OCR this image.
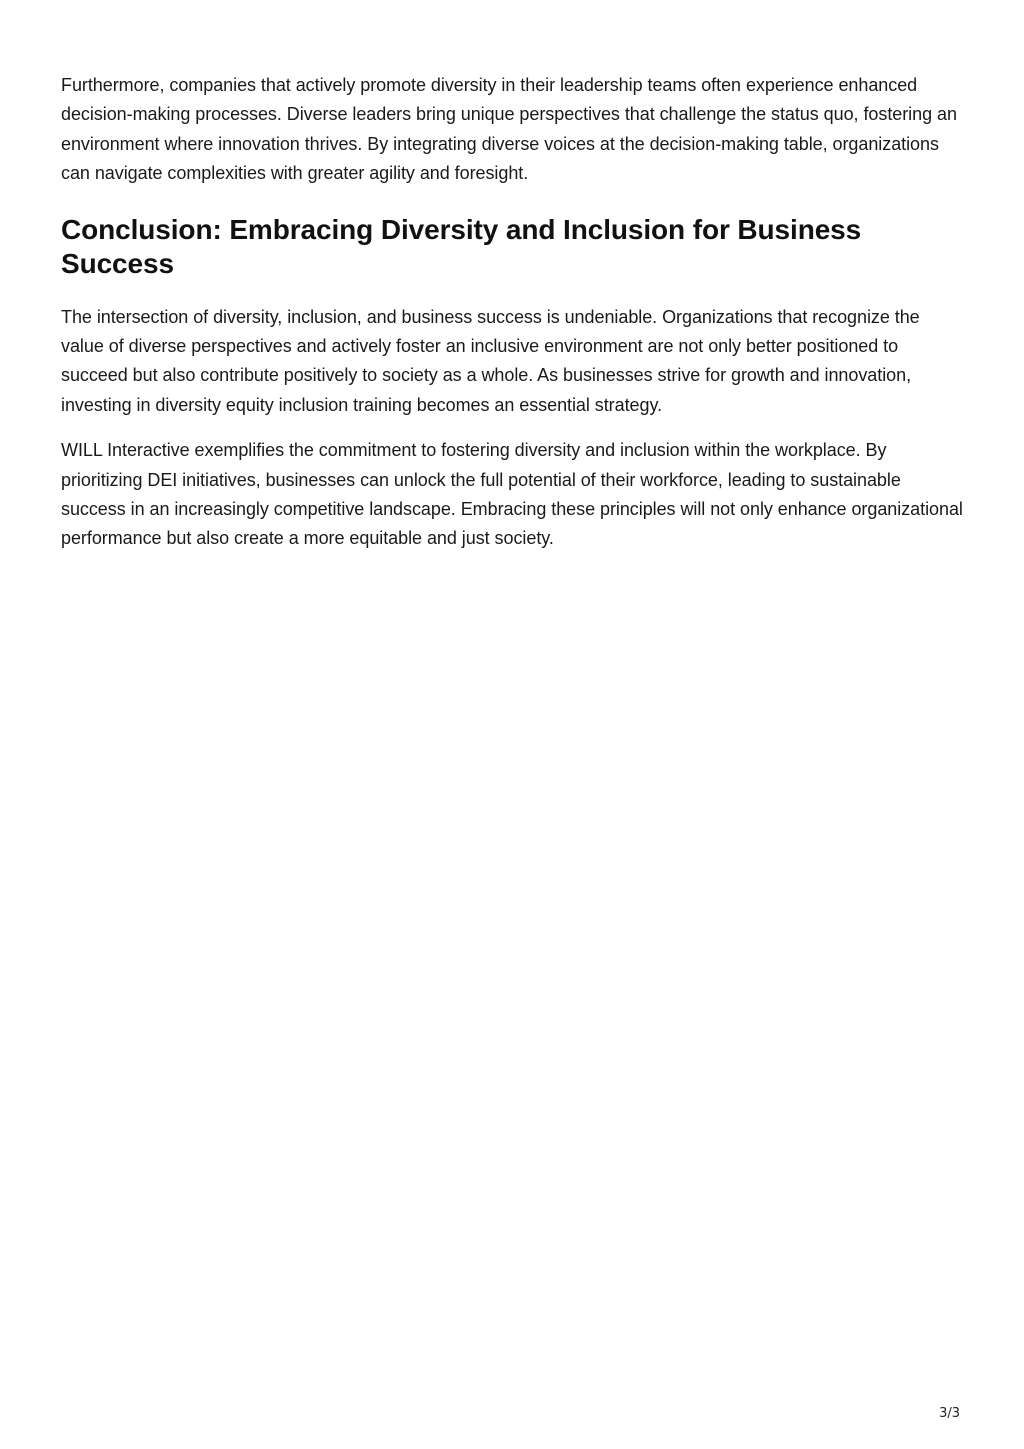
Furthermore, companies that actively promote diversity in their leadership teams often experience enhanced decision-making processes. Diverse leaders bring unique perspectives that challenge the status quo, fostering an environment where innovation thrives. By integrating diverse voices at the decision-making table, organizations can navigate complexities with greater agility and foresight.

Conclusion: Embracing Diversity and Inclusion for Business Success

The intersection of diversity, inclusion, and business success is undeniable. Organizations that recognize the value of diverse perspectives and actively foster an inclusive environment are not only better positioned to succeed but also contribute positively to society as a whole. As businesses strive for growth and innovation, investing in diversity equity inclusion training becomes an essential strategy.

WILL Interactive exemplifies the commitment to fostering diversity and inclusion within the workplace. By prioritizing DEI initiatives, businesses can unlock the full potential of their workforce, leading to sustainable success in an increasingly competitive landscape. Embracing these principles will not only enhance organizational performance but also create a more equitable and just society.

3/3
